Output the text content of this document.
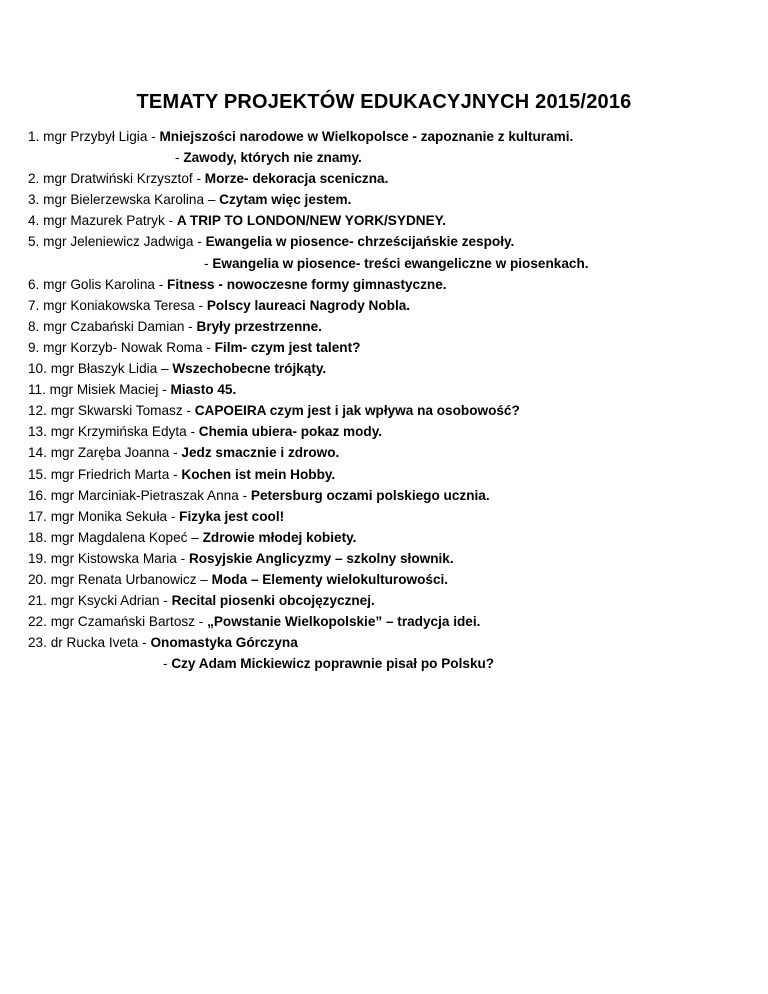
TEMATY PROJEKTÓW EDUKACYJNYCH 2015/2016
1. mgr Przybył Ligia - Mniejszości narodowe w Wielkopolsce - zapoznanie z kulturami.
- Zawody, których nie znamy.
2. mgr Dratwiński Krzysztof - Morze- dekoracja sceniczna.
3. mgr Bielerzewska Karolina – Czytam więc jestem.
4. mgr Mazurek Patryk - A TRIP TO LONDON/NEW YORK/SYDNEY.
5. mgr Jeleniewicz Jadwiga - Ewangelia w piosence- chrześcijańskie zespoły.
- Ewangelia w piosence- treści ewangeliczne w piosenkach.
6. mgr Golis Karolina - Fitness - nowoczesne formy gimnastyczne.
7. mgr Koniakowska Teresa - Polscy laureaci Nagrody Nobla.
8. mgr Czabański Damian - Bryły przestrzenne.
9. mgr Korzyb- Nowak Roma - Film- czym jest talent?
10. mgr Błaszyk Lidia – Wszechobecne trójkąty.
11. mgr Misiek Maciej - Miasto 45.
12. mgr Skwarski Tomasz - CAPOEIRA czym jest i jak wpływa na osobowość?
13. mgr Krzymińska Edyta - Chemia ubiera- pokaz mody.
14. mgr Zaręba Joanna - Jedz smacznie i zdrowo.
15. mgr Friedrich Marta - Kochen ist mein Hobby.
16. mgr Marciniak-Pietraszak Anna - Petersburg oczami polskiego ucznia.
17. mgr Monika Sekuła - Fizyka jest cool!
18. mgr Magdalena Kopeć – Zdrowie młodej kobiety.
19. mgr Kistowska Maria - Rosyjskie Anglicyzmy – szkolny słownik.
20. mgr Renata Urbanowicz – Moda – Elementy wielokulturowości.
21. mgr Ksycki Adrian - Recital piosenki obcojęzycznej.
22. mgr Czamański Bartosz - „Powstanie Wielkopolskie” – tradycja idei.
23. dr Rucka Iveta - Onomastyka Górczyna
- Czy Adam Mickiewicz poprawnie pisał po Polsku?
